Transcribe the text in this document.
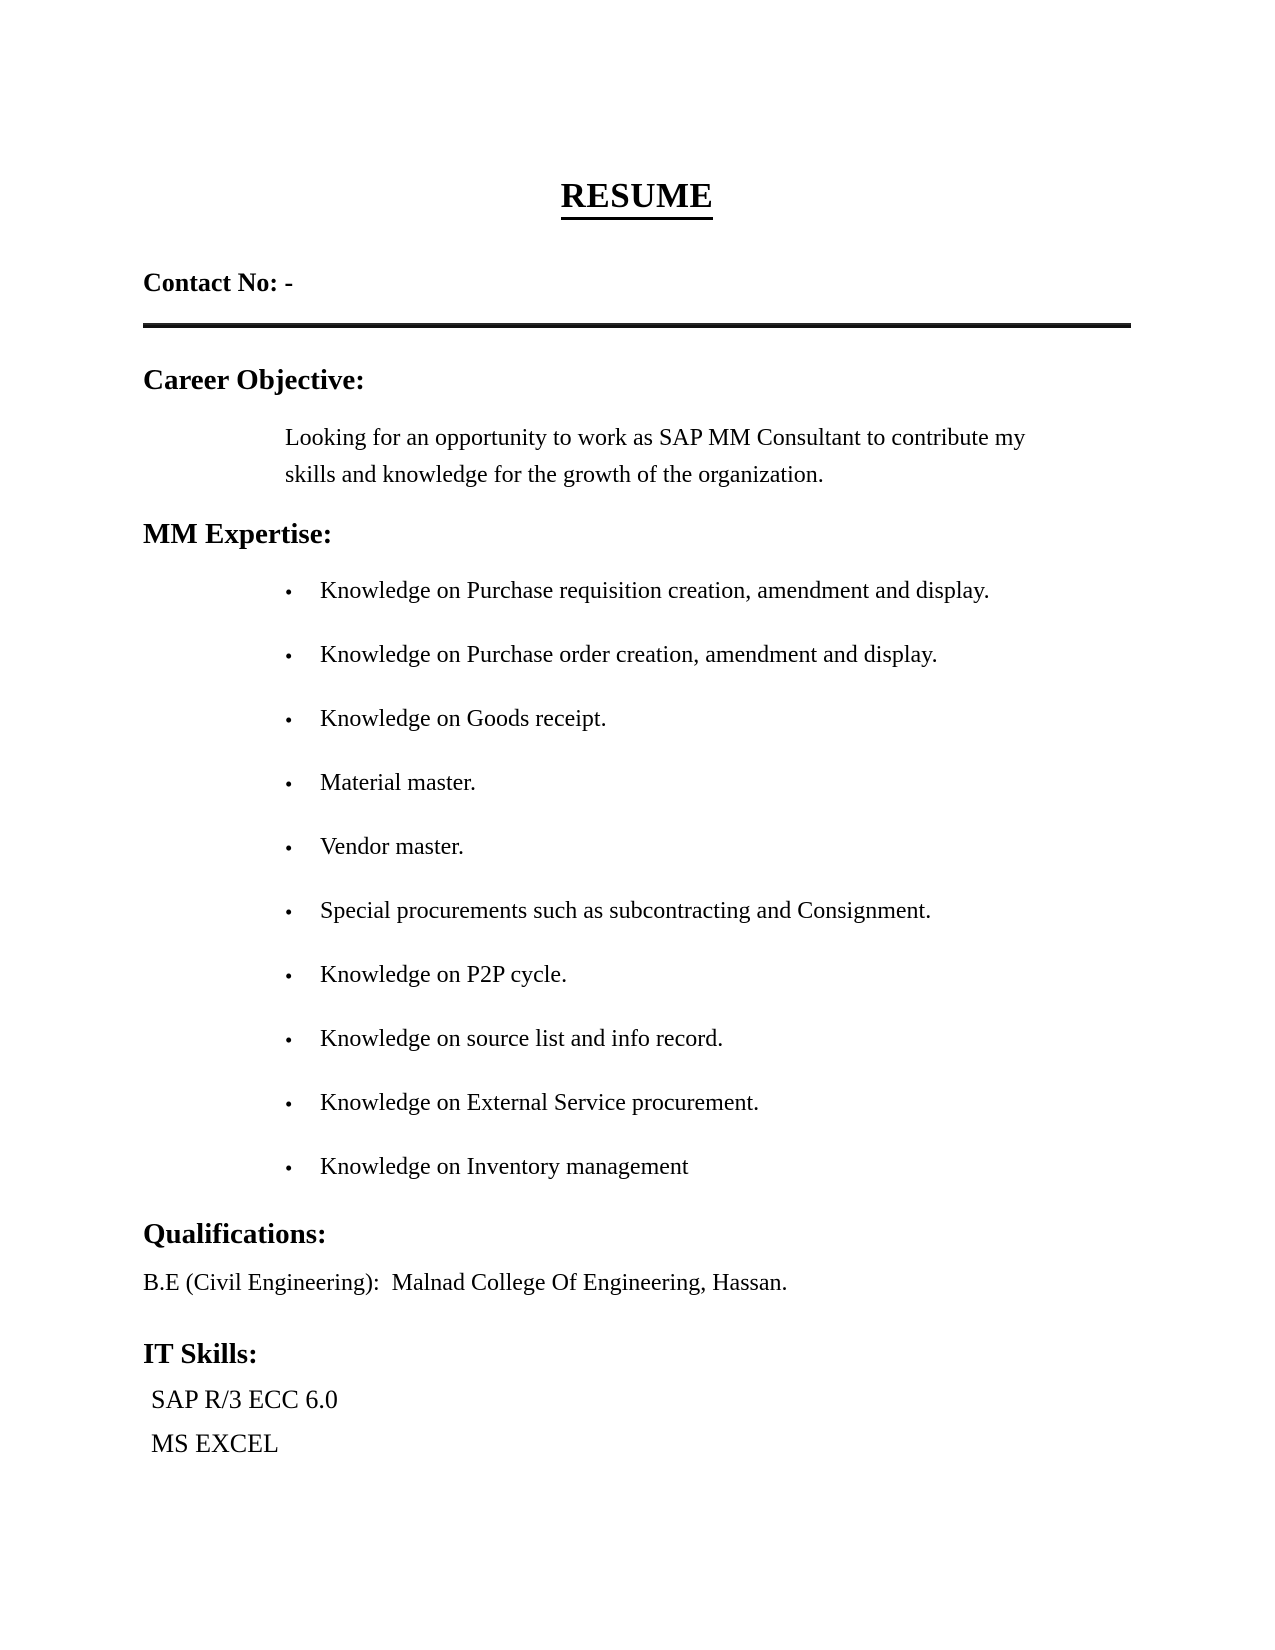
RESUME

Contact No: -

Career Objective:

Looking for an opportunity to work as SAP MM Consultant to contribute my skills and knowledge for the growth of the organization.

MM Expertise:
• Knowledge on Purchase requisition creation, amendment and display.
• Knowledge on Purchase order creation, amendment and display.
• Knowledge on Goods receipt.
• Material master.
• Vendor master.
• Special procurements such as subcontracting and Consignment.
• Knowledge on P2P cycle.
• Knowledge on source list and info record.
• Knowledge on External Service procurement.
• Knowledge on Inventory management
Qualifications:

B.E (Civil Engineering):  Malnad College Of Engineering, Hassan.

IT Skills:

SAP R/3 ECC 6.0

MS EXCEL
